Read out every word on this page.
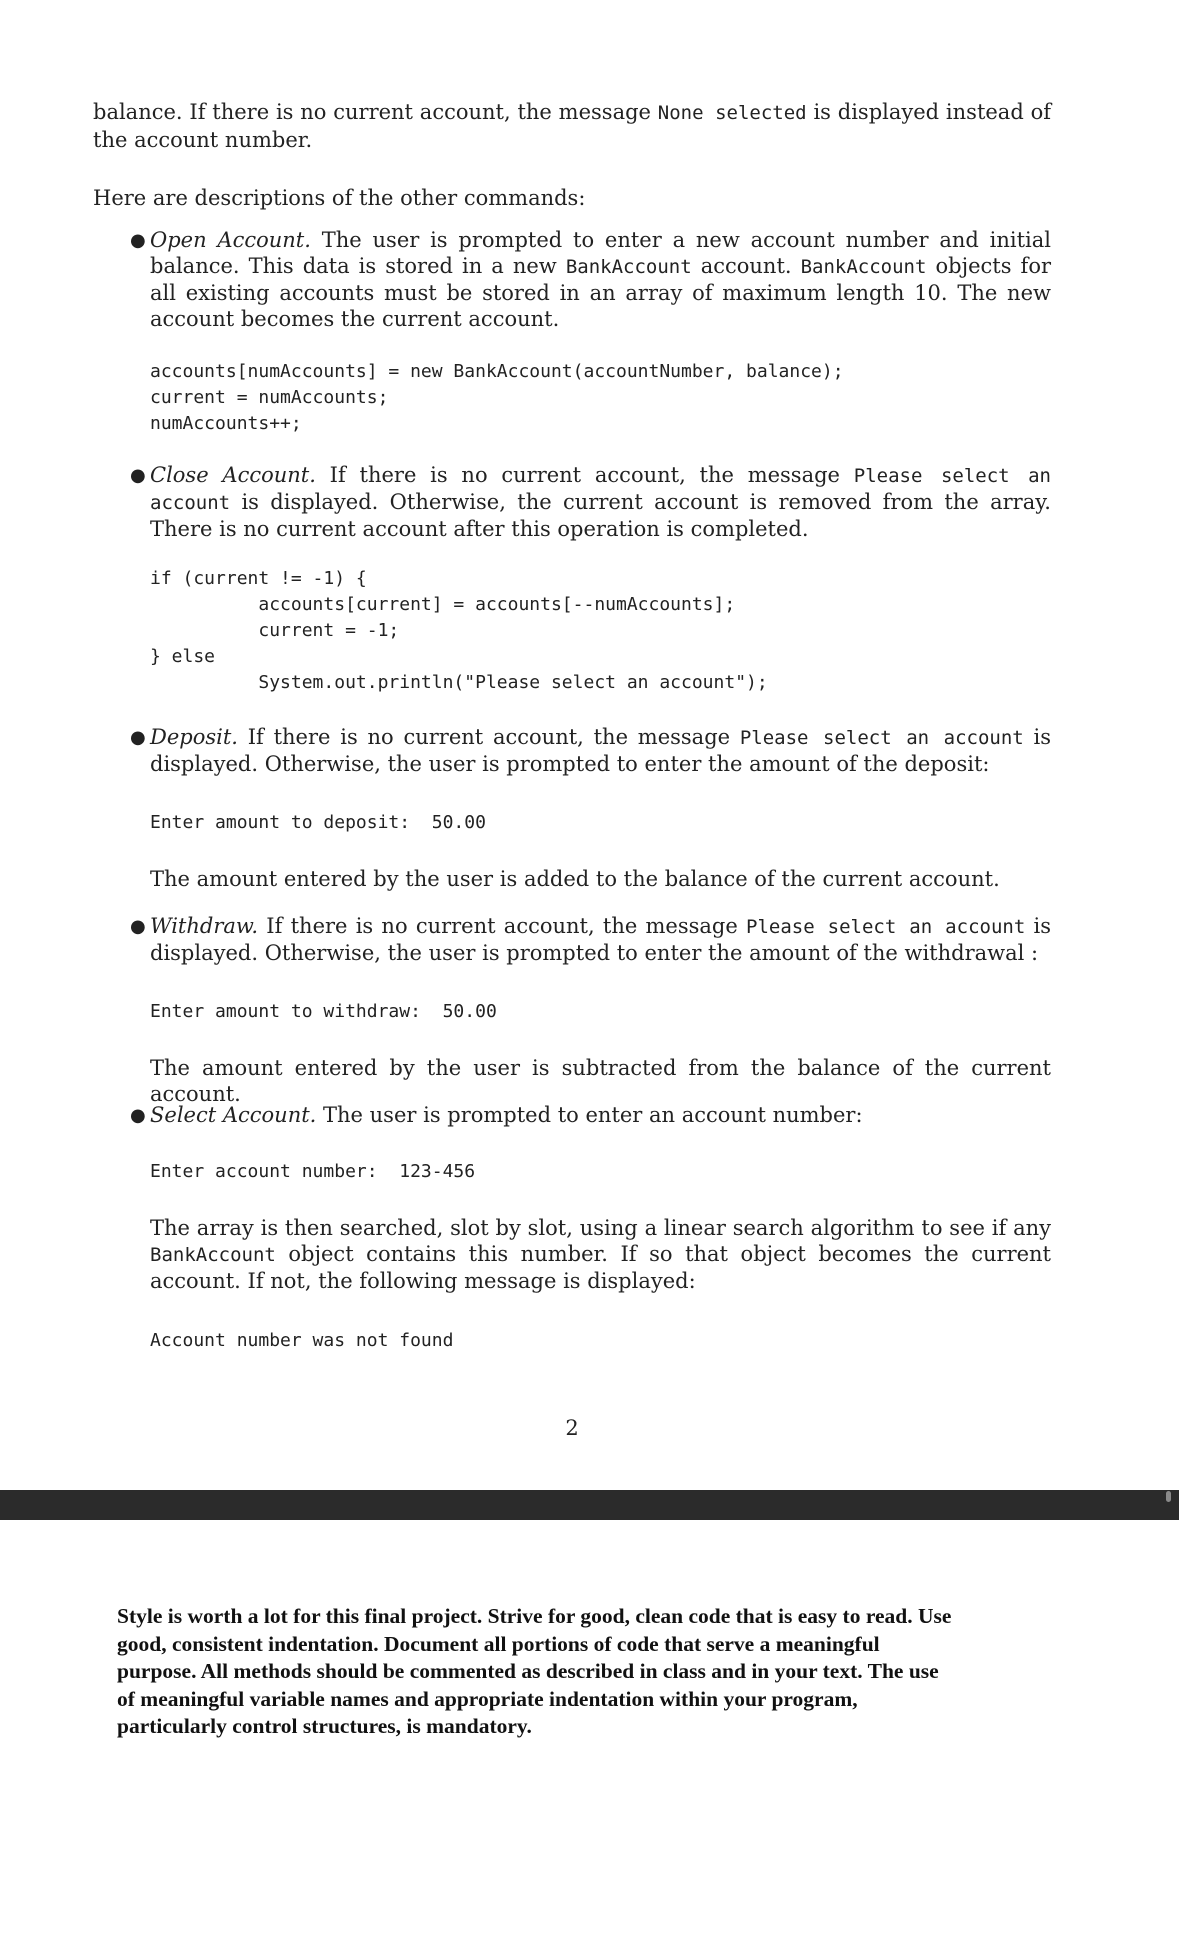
balance. If there is no current account, the message None selected is displayed instead of the account number.

Here are descriptions of the other commands:

● Open Account. The user is prompted to enter a new account number and initial balance. This data is stored in a new BankAccount account. BankAccount objects for all existing accounts must be stored in an array of maximum length 10. The new account becomes the current account.

accounts[numAccounts] = new BankAccount(accountNumber, balance);
current = numAccounts;
numAccounts++;
● Close Account. If there is no current account, the message Please select an account is displayed. Otherwise, the current account is removed from the array. There is no current account after this operation is completed.

if (current != -1) {
accounts[current] = accounts[--numAccounts];
current = -1;
} else
System.out.println("Please select an account");
● Deposit. If there is no current account, the message Please select an account is displayed. Otherwise, the user is prompted to enter the amount of the deposit:

Enter amount to deposit:  50.00

The amount entered by the user is added to the balance of the current account.

● Withdraw. If there is no current account, the message Please select an account is displayed. Otherwise, the user is prompted to enter the amount of the withdrawal :

Enter amount to withdraw:  50.00

The amount entered by the user is subtracted from the balance of the current account.

● Select Account. The user is prompted to enter an account number:

Enter account number:  123-456

The array is then searched, slot by slot, using a linear search algorithm to see if any BankAccount object contains this number. If so that object becomes the current account. If not, the following message is displayed:

Account number was not found
2

Style is worth a lot for this final project. Strive for good, clean code that is easy to read. Use good, consistent indentation. Document all portions of code that serve a meaningful purpose. All methods should be commented as described in class and in your text. The use of meaningful variable names and appropriate indentation within your program, particularly control structures, is mandatory.
